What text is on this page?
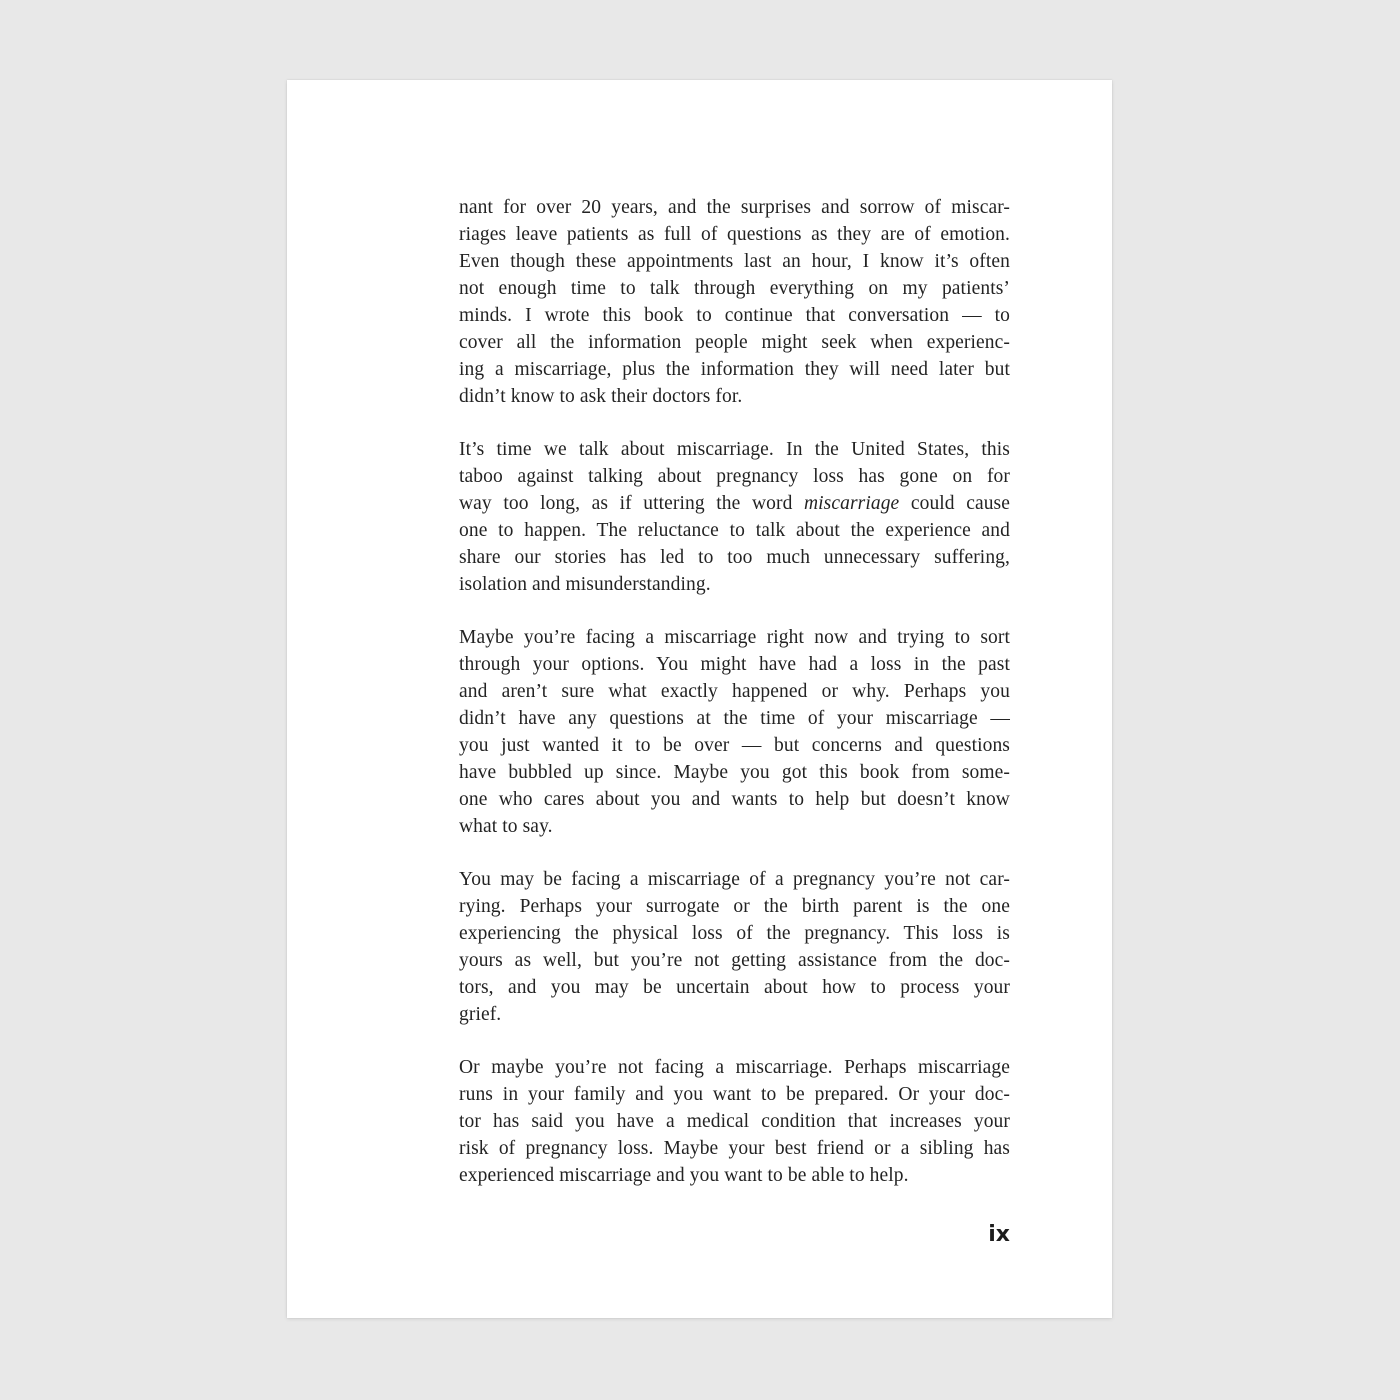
nant for over 20 years, and the surprises and sorrow of miscar-
riages leave patients as full of questions as they are of emotion.
Even though these appointments last an hour, I know it’s often
not enough time to talk through everything on my patients’
minds. I wrote this book to continue that conversation — to
cover all the information people might seek when experienc-
ing a miscarriage, plus the information they will need later but
didn’t know to ask their doctors for.
It’s time we talk about miscarriage. In the United States, this
taboo against talking about pregnancy loss has gone on for
way too long, as if uttering the word miscarriage could cause
one to happen. The reluctance to talk about the experience and
share our stories has led to too much unnecessary suffering,
isolation and misunderstanding.
Maybe you’re facing a miscarriage right now and trying to sort
through your options. You might have had a loss in the past
and aren’t sure what exactly happened or why. Perhaps you
didn’t have any questions at the time of your miscarriage —
you just wanted it to be over — but concerns and questions
have bubbled up since. Maybe you got this book from some-
one who cares about you and wants to help but doesn’t know
what to say.
You may be facing a miscarriage of a pregnancy you’re not car-
rying. Perhaps your surrogate or the birth parent is the one
experiencing the physical loss of the pregnancy. This loss is
yours as well, but you’re not getting assistance from the doc-
tors, and you may be uncertain about how to process your
grief.
Or maybe you’re not facing a miscarriage. Perhaps miscarriage
runs in your family and you want to be prepared. Or your doc-
tor has said you have a medical condition that increases your
risk of pregnancy loss. Maybe your best friend or a sibling has
experienced miscarriage and you want to be able to help.
ix
